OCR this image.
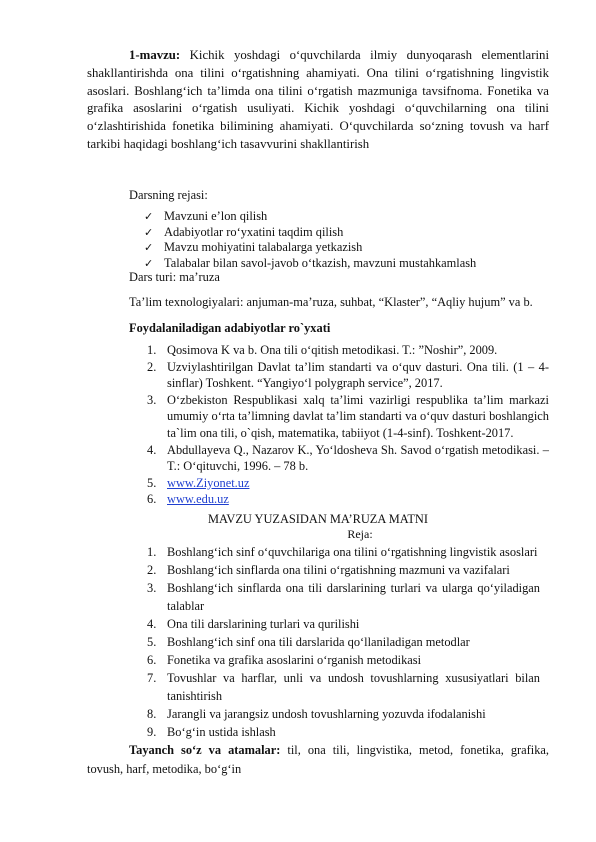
1-mavzu: Kichik yoshdagi o‘quvchilarda ilmiy dunyoqarash elementlarini shakllantirishda ona tilini o‘rgatishning ahamiyati. Ona tilini o‘rgatishning lingvistik asoslari. Boshlang‘ich ta’limda ona tilini o‘rgatish mazmuniga tavsifnoma. Fonetika va grafika asoslarini o‘rgatish usuliyati. Kichik yoshdagi o‘quvchilarning ona tilini o‘zlashtirishida fonetika bilimining ahamiyati. O‘quvchilarda so‘zning tovush va harf tarkibi haqidagi boshlang‘ich tasavvurini shakllantirish

Darsning rejasi:

✓ Mavzuni e’lon qilish
✓ Adabiyotlar ro‘yxatini taqdim qilish
✓ Mavzu mohiyatini talabalarga yetkazish
✓ Talabalar bilan savol-javob o‘tkazish, mavzuni mustahkamlash

Dars turi: ma’ruza

Ta’lim texnologiyalari: anjuman-ma’ruza, suhbat, “Klaster”, “Aqliy hujum” va b.

Foydalaniladigan adabiyotlar ro`yxati

1. Qosimova K va b. Ona tili o‘qitish metodikasi. T.: ”Noshir”, 2009.
2. Uzviylashtirilgan Davlat ta’lim standarti va o‘quv dasturi. Ona tili. (1 – 4-sinflar) Toshkent. “Yangiyo‘l polygraph service”, 2017.
3. O‘zbekiston Respublikasi xalq ta’limi vazirligi respublika ta’lim markazi umumiy o‘rta ta’limning davlat ta’lim standarti va o‘quv dasturi boshlangich ta`lim ona tili, o`qish, matematika, tabiiyot (1-4-sinf). Toshkent-2017.
4. Abdullayeva Q., Nazarov K., Yo‘ldosheva Sh. Savod o‘rgatish metodikasi. –T.: O‘qituvchi, 1996. – 78 b.
5. www.Ziyonet.uz
6. www.edu.uz

MAVZU YUZASIDAN MA’RUZA MATNI

Reja:

1. Boshlang‘ich sinf o‘quvchilariga ona tilini o‘rgatishning lingvistik asoslari
2. Boshlang‘ich sinflarda ona tilini o‘rgatishning mazmuni va vazifalari
3. Boshlang‘ich sinflarda ona tili darslarining turlari va ularga qo‘yiladigan talablar
4. Ona tili darslarining turlari va qurilishi
5. Boshlang‘ich sinf ona tili darslarida qo‘llaniladigan metodlar
6. Fonetika va grafika asoslarini o‘rganish metodikasi
7. Tovushlar va harflar, unli va undosh tovushlarning xususiyatlari bilan tanishtirish
8. Jarangli va jarangsiz undosh tovushlarning yozuvda ifodalanishi
9. Bo‘g‘in ustida ishlash

Tayanch so‘z va atamalar: til, ona tili, lingvistika, metod, fonetika, grafika, tovush, harf, metodika, bo‘g‘in
